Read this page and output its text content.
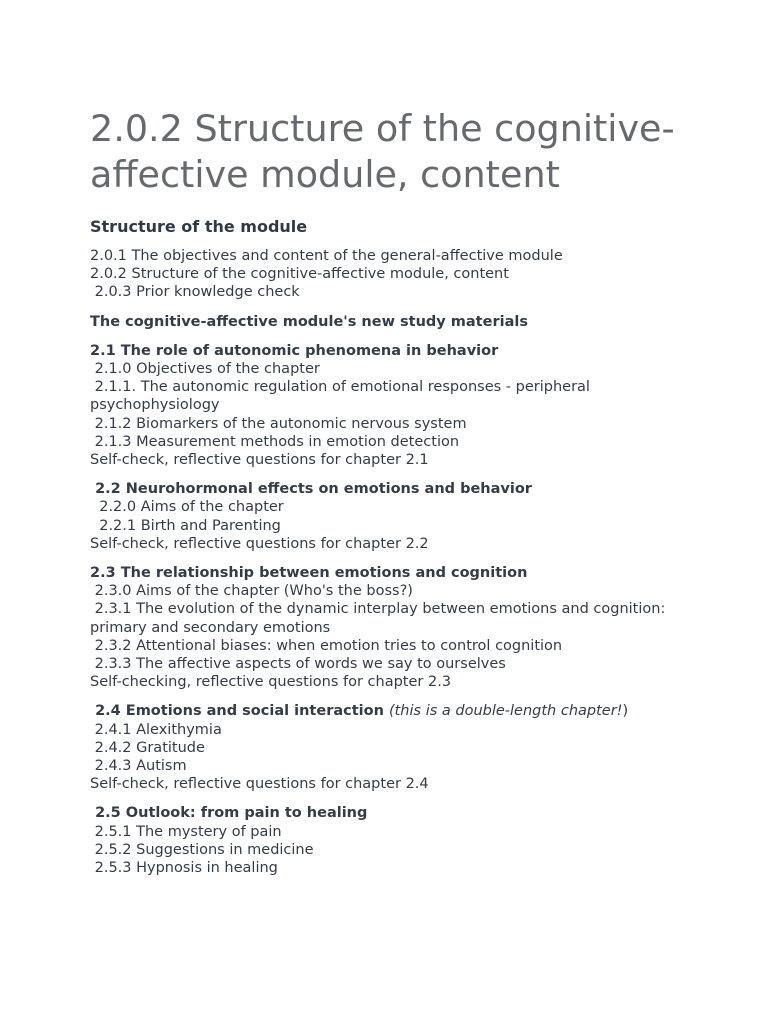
2.0.2 Structure of the cognitive-affective module, content
Structure of the module
2.0.1 The objectives and content of the general-affective module
2.0.2 Structure of the cognitive-affective module, content
2.0.3 Prior knowledge check
The cognitive-affective module's new study materials
2.1 The role of autonomic phenomena in behavior
2.1.0 Objectives of the chapter
2.1.1. The autonomic regulation of emotional responses - peripheral psychophysiology
2.1.2 Biomarkers of the autonomic nervous system
2.1.3 Measurement methods in emotion detection
Self-check, reflective questions for chapter 2.1
2.2 Neurohormonal effects on emotions and behavior
2.2.0 Aims of the chapter
2.2.1 Birth and Parenting
Self-check, reflective questions for chapter 2.2
2.3 The relationship between emotions and cognition
2.3.0 Aims of the chapter (Who's the boss?)
2.3.1 The evolution of the dynamic interplay between emotions and cognition: primary and secondary emotions
2.3.2 Attentional biases: when emotion tries to control cognition
2.3.3 The affective aspects of words we say to ourselves
Self-checking, reflective questions for chapter 2.3
2.4 Emotions and social interaction (this is a double-length chapter!)
2.4.1 Alexithymia
2.4.2 Gratitude
2.4.3 Autism
Self-check, reflective questions for chapter 2.4
2.5 Outlook: from pain to healing
2.5.1 The mystery of pain
2.5.2 Suggestions in medicine
2.5.3 Hypnosis in healing
